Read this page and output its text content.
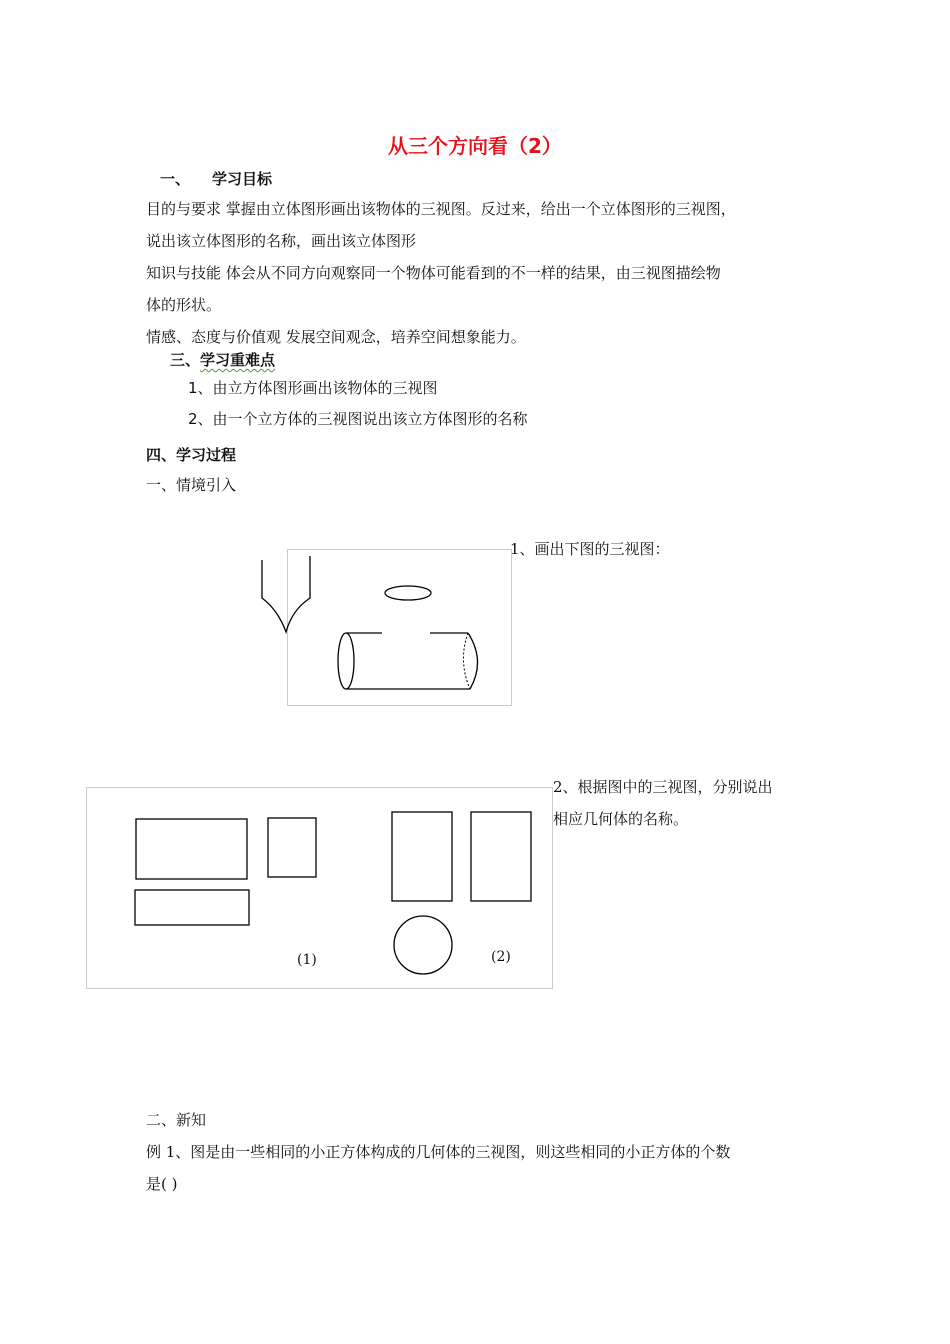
从三个方向看（2）
一、 学习目标
目的与要求 掌握由立体图形画出该物体的三视图。反过来，给出一个立体图形的三视图，
说出该立体图形的名称，画出该立体图形
知识与技能 体会从不同方向观察同一个物体可能看到的不一样的结果，由三视图描绘物
体的形状。
情感、态度与价值观 发展空间观念，培养空间想象能力。
三、学习重难点
1、由立方体图形画出该物体的三视图
2、由一个立方体的三视图说出该立方体图形的名称
四、学习过程
一、情境引入
1、画出下图的三视图：
(1)	(2)
2、根据图中的三视图，分别说出
相应几何体的名称。
二、新知
例 1、图是由一些相同的小正方体构成的几何体的三视图，则这些相同的小正方体的个数
是( )
